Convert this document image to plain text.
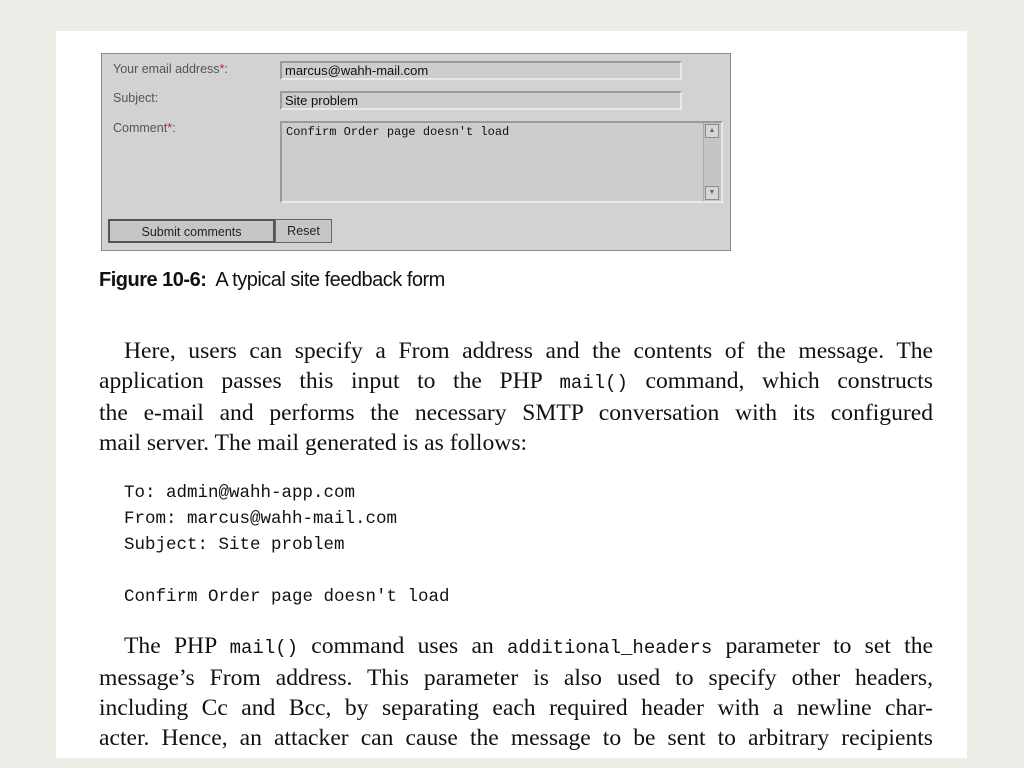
Your email address*:	marcus@wahh-mail.com
Subject:	Site problem
Comment*:	Confirm Order page doesn't load	▲
▼
Submit comments	Reset
Figure 10-6: A typical site feedback form
Here, users can specify a From address and the contents of the message. The
application passes this input to the PHP mail() command, which constructs
the e-mail and performs the necessary SMTP conversation with its configured
mail server. The mail generated is as follows:
To: admin@wahh-app.com
From: marcus@wahh-mail.com
Subject: Site problem

Confirm Order page doesn't load
The PHP mail() command uses an additional_headers parameter to set the
message’s From address. This parameter is also used to specify other headers,
including Cc and Bcc, by separating each required header with a newline char-
acter. Hence, an attacker can cause the message to be sent to arbitrary recipients
